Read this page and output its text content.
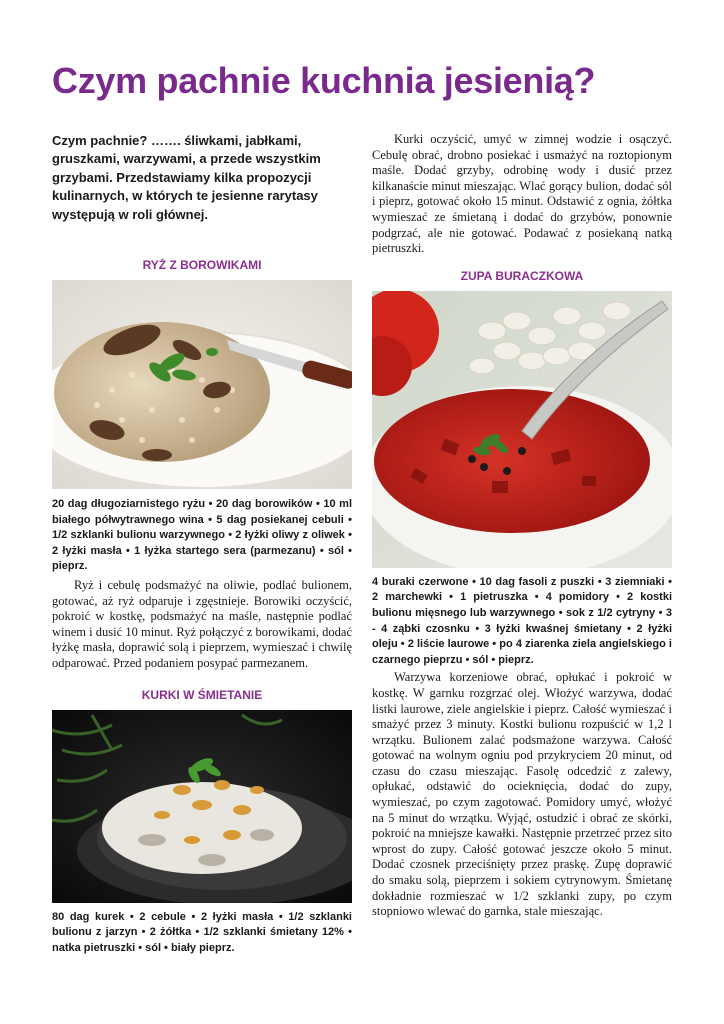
Czym pachnie kuchnia jesienią?

Czym pachnie? ……. śliwkami, jabłkami, gruszkami, warzywami, a przede wszystkim grzybami. Przedstawiamy kilka propozycji kulinarnych, w których te jesienne rarytasy występują w roli głównej.

RYŻ Z BOROWIKAMI

20 dag długoziarnistego ryżu • 20 dag borowików • 10 ml białego półwytrawnego wina • 5 dag posiekanej cebuli • 1/2 szklanki bulionu warzywnego • 2 łyżki oliwy z oliwek • 2 łyżki masła • 1 łyżka startego sera (parmezanu) • sól • pieprz.

Ryż i cebulę podsmażyć na oliwie, podlać bulionem, gotować, aż ryż odparuje i zgęstnieje. Borowiki oczyścić, pokroić w kostkę, podsmażyć na maśle, następnie podlać winem i dusić 10 minut. Ryż połączyć z borowikami, dodać łyżkę masła, doprawić solą i pieprzem, wymieszać i chwilę odparować. Przed podaniem posypać parmezanem.

KURKI W ŚMIETANIE

80 dag kurek • 2 cebule • 2 łyżki masła • 1/2 szklanki bulionu z jarzyn • 2 żółtka • 1/2 szklanki śmietany 12% • natka pietruszki • sól • biały pieprz.

Kurki oczyścić, umyć w zimnej wodzie i osączyć. Cebulę obrać, drobno posiekać i usmażyć na roztopionym maśle. Dodać grzyby, odrobinę wody i dusić przez kilkanaście minut mieszając. Wlać gorący bulion, dodać sól i pieprz, gotować około 15 minut. Odstawić z ognia, żółtka wymieszać ze śmietaną i dodać do grzybów, ponownie podgrzać, ale nie gotować. Podawać z posiekaną natką pietruszki.

ZUPA BURACZKOWA

4 buraki czerwone • 10 dag fasoli z puszki • 3 ziemniaki • 2 marchewki • 1 pietruszka • 4 pomidory • 2 kostki bulionu mięsnego lub warzywnego • sok z 1/2 cytryny • 3 - 4 ząbki czosnku • 3 łyżki kwaśnej śmietany • 2 łyżki oleju • 2 liście laurowe • po 4 ziarenka ziela angielskiego i czarnego pieprzu • sól • pieprz.

Warzywa korzeniowe obrać, opłukać i pokroić w kostkę. W garnku rozgrzać olej. Włożyć warzywa, dodać listki laurowe, ziele angielskie i pieprz. Całość wymieszać i smażyć przez 3 minuty. Kostki bulionu rozpuścić w 1,2 l wrzątku. Bulionem zalać podsmażone warzywa. Całość gotować na wolnym ogniu pod przykryciem 20 minut, od czasu do czasu mieszając. Fasolę odcedzić z zalewy, opłukać, odstawić do ocieknięcia, dodać do zupy, wymieszać, po czym zagotować. Pomidory umyć, włożyć na 5 minut do wrzątku. Wyjąć, ostudzić i obrać ze skórki, pokroić na mniejsze kawałki. Następnie przetrzeć przez sito wprost do zupy. Całość gotować jeszcze około 5 minut. Dodać czosnek przeciśnięty przez praskę. Zupę doprawić do smaku solą, pieprzem i sokiem cytrynowym. Śmietanę dokładnie rozmieszać w 1/2 szklanki zupy, po czym stopniowo wlewać do garnka, stale mieszając.
